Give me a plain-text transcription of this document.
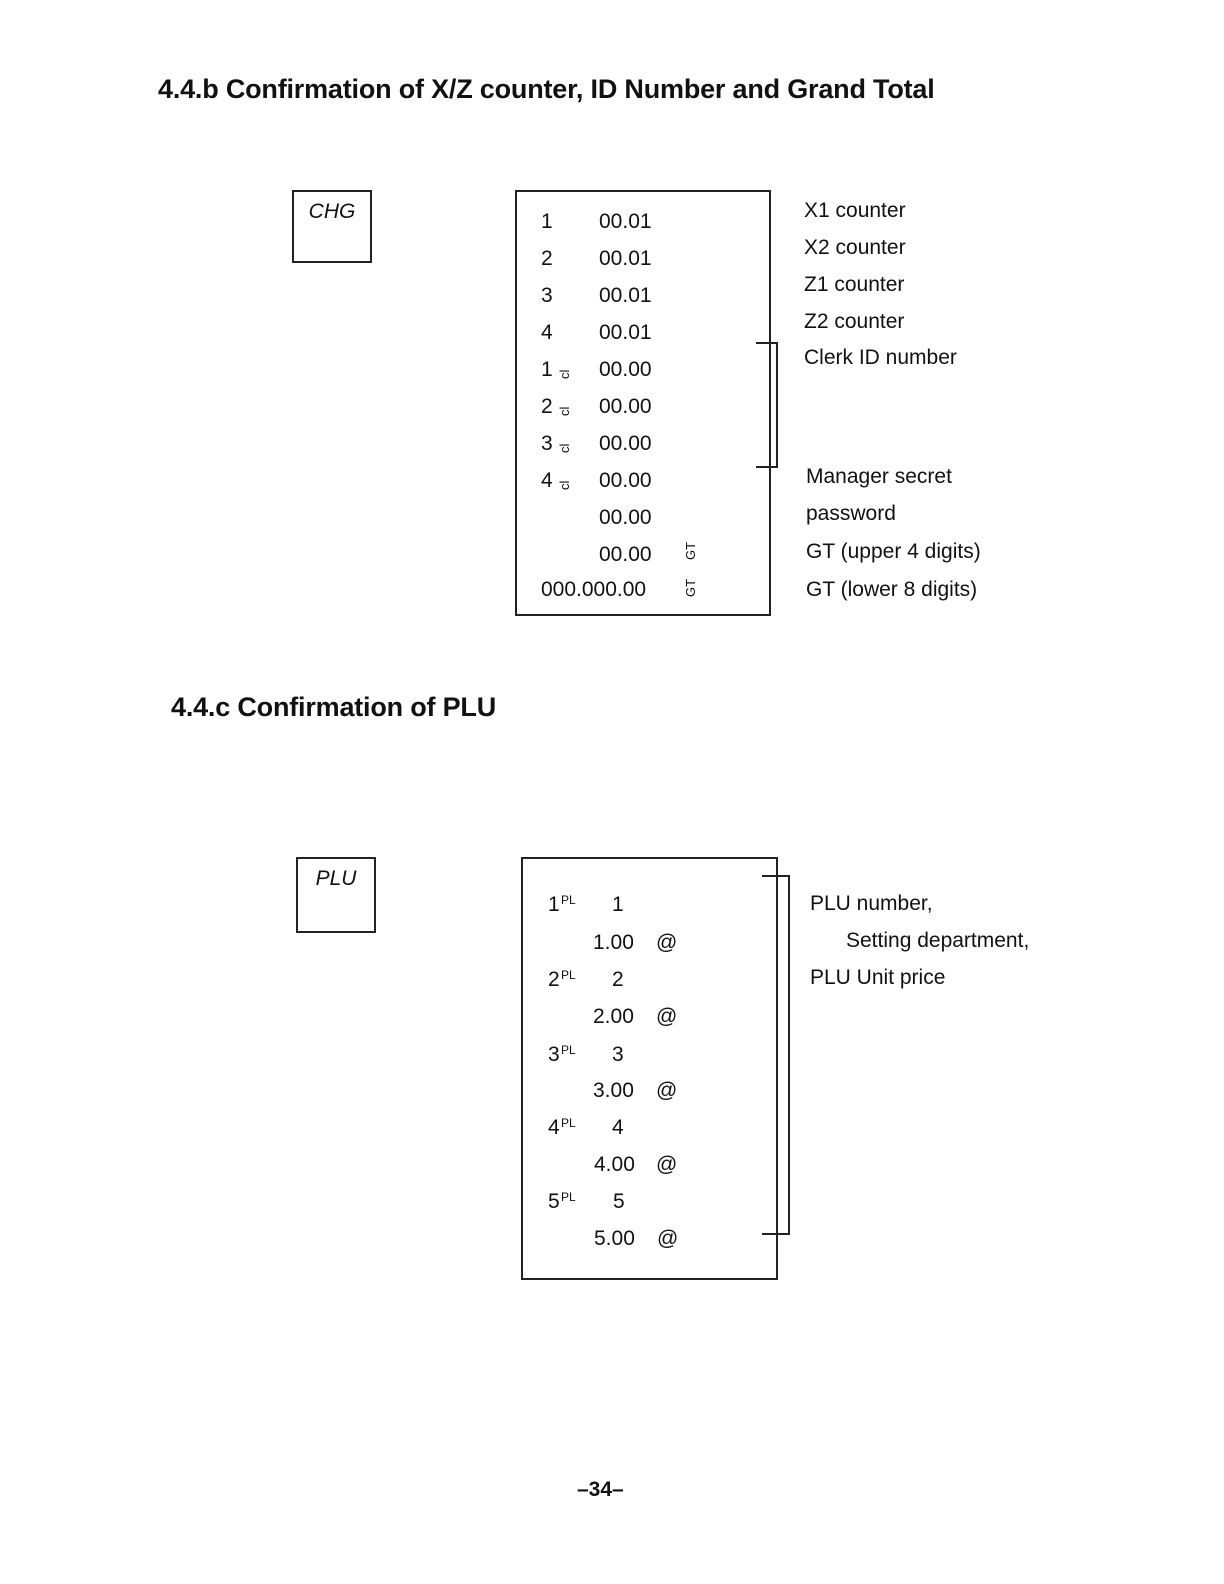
4.4.b Confirmation of X/Z counter, ID Number and Grand Total
CHG	1 00.01
2 00.01
3 00.01
4 00.01
1 cl 00.00
2 cl 00.00
3 cl 00.00
4 cl 00.00
00.00
00.00 GT
000.000.00	GT
X1 counter
X2 counter
Z1 counter
Z2 counter
Clerk ID number
Manager secret
password
GT (upper 4 digits)
GT (lower 8 digits)
4.4.c Confirmation of PLU
PLU
1 PL 1
1.00 @
2 PL 2
2.00 @
3 PL 3
3.00 @
4 PL 4
4.00 @
5 PL 5
5.00 @
PLU number,
Setting department,
PLU Unit price
–34–
